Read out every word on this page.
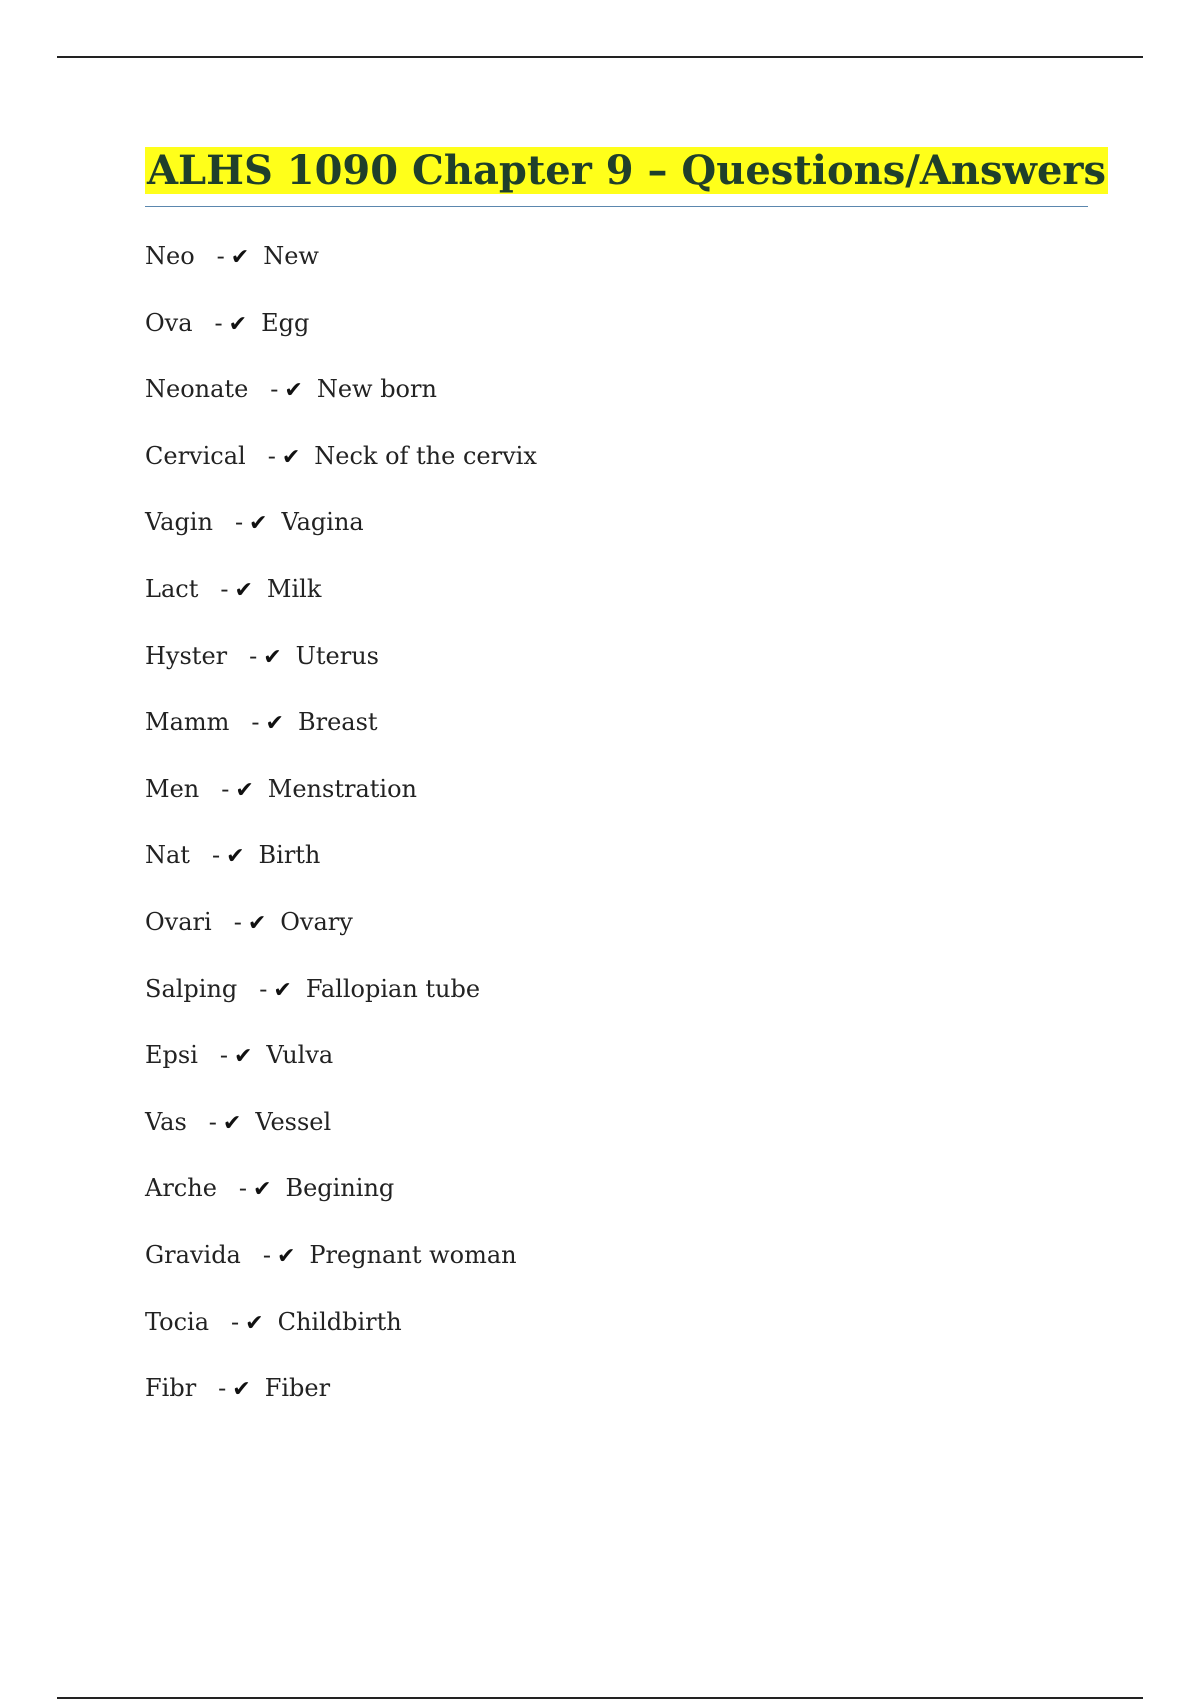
ALHS 1090 Chapter 9 – Questions/Answers
Neo - ✔ New
Ova - ✔ Egg
Neonate - ✔ New born
Cervical - ✔ Neck of the cervix
Vagin - ✔ Vagina
Lact - ✔ Milk
Hyster - ✔ Uterus
Mamm - ✔ Breast
Men - ✔ Menstration
Nat - ✔ Birth
Ovari - ✔ Ovary
Salping - ✔ Fallopian tube
Epsi - ✔ Vulva
Vas - ✔ Vessel
Arche - ✔ Begining
Gravida - ✔ Pregnant woman
Tocia - ✔ Childbirth
Fibr - ✔ Fiber
